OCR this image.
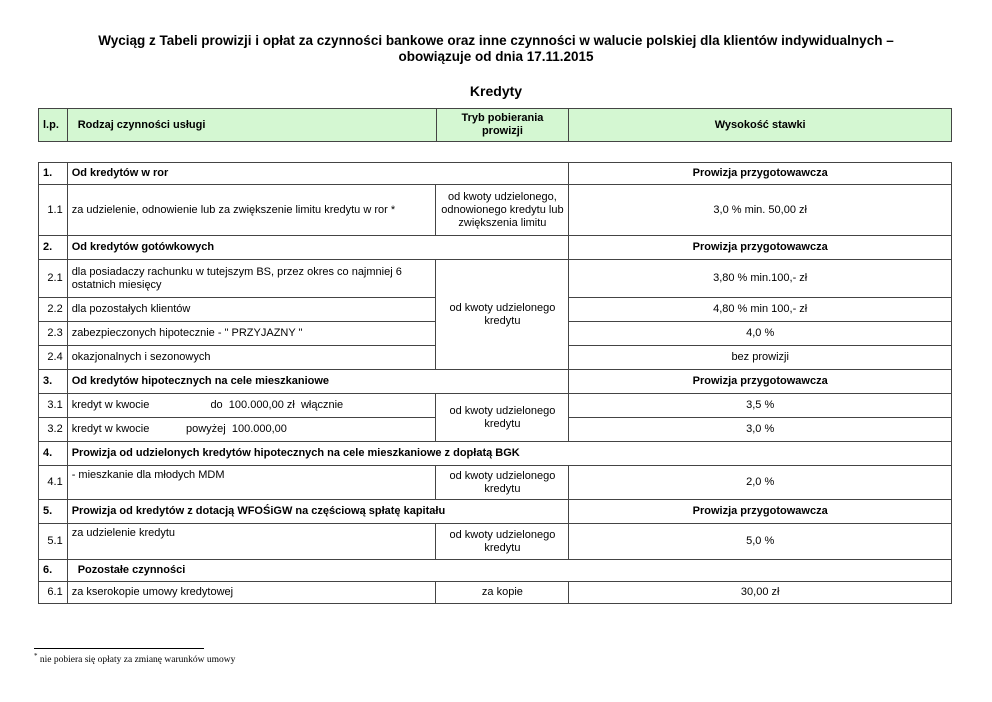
Wyciąg z Tabeli prowizji i opłat za czynności bankowe oraz inne czynności w walucie polskiej dla klientów indywidualnych –
obowiązuje od dnia 17.11.2015
Kredyty
l.p.	Rodzaj czynności usługi	Tryb pobierania prowizji	Wysokość stawki
1.	Od kredytów w ror		Prowizja przygotowawcza
1.1	za udzielenie, odnowienie lub za zwiększenie limitu kredytu w ror *	od kwoty udzielonego, odnowionego kredytu lub zwiększenia limitu	3,0 % min. 50,00 zł
2.	Od kredytów gotówkowych		Prowizja przygotowawcza
2.1	dla posiadaczy rachunku w tutejszym BS, przez okres co najmniej 6 ostatnich miesięcy	od kwoty udzielonego kredytu	3,80 % min.100,- zł
2.2	dla pozostałych klientów		4,80 % min 100,- zł
2.3	zabezpieczonych hipotecznie - " PRZYJAZNY "		4,0 %
2.4	okazjonalnych i sezonowych		bez prowizji
3.	Od kredytów hipotecznych na cele mieszkaniowe		Prowizja przygotowawcza
3.1	kredyt w kwocie                    do  100.000,00 zł  włącznie	od kwoty udzielonego kredytu	3,5 %
3.2	kredyt w kwocie            powyżej  100.000,00		3,0 %
4.	Prowizja od udzielonych kredytów hipotecznych na cele mieszkaniowe z dopłatą BGK		
4.1	- mieszkanie dla młodych MDM	od kwoty udzielonego kredytu	2,0 %
5.	Prowizja od kredytów z dotacją WFOŚiGW na częściową spłatę kapitału		Prowizja przygotowawcza
5.1	za udzielenie kredytu	od kwoty udzielonego kredytu	5,0 %
6.	Pozostałe czynności		
6.1	za kserokopie umowy kredytowej	za kopie	30,00 zł
* nie pobiera się opłaty za zmianę warunków umowy
